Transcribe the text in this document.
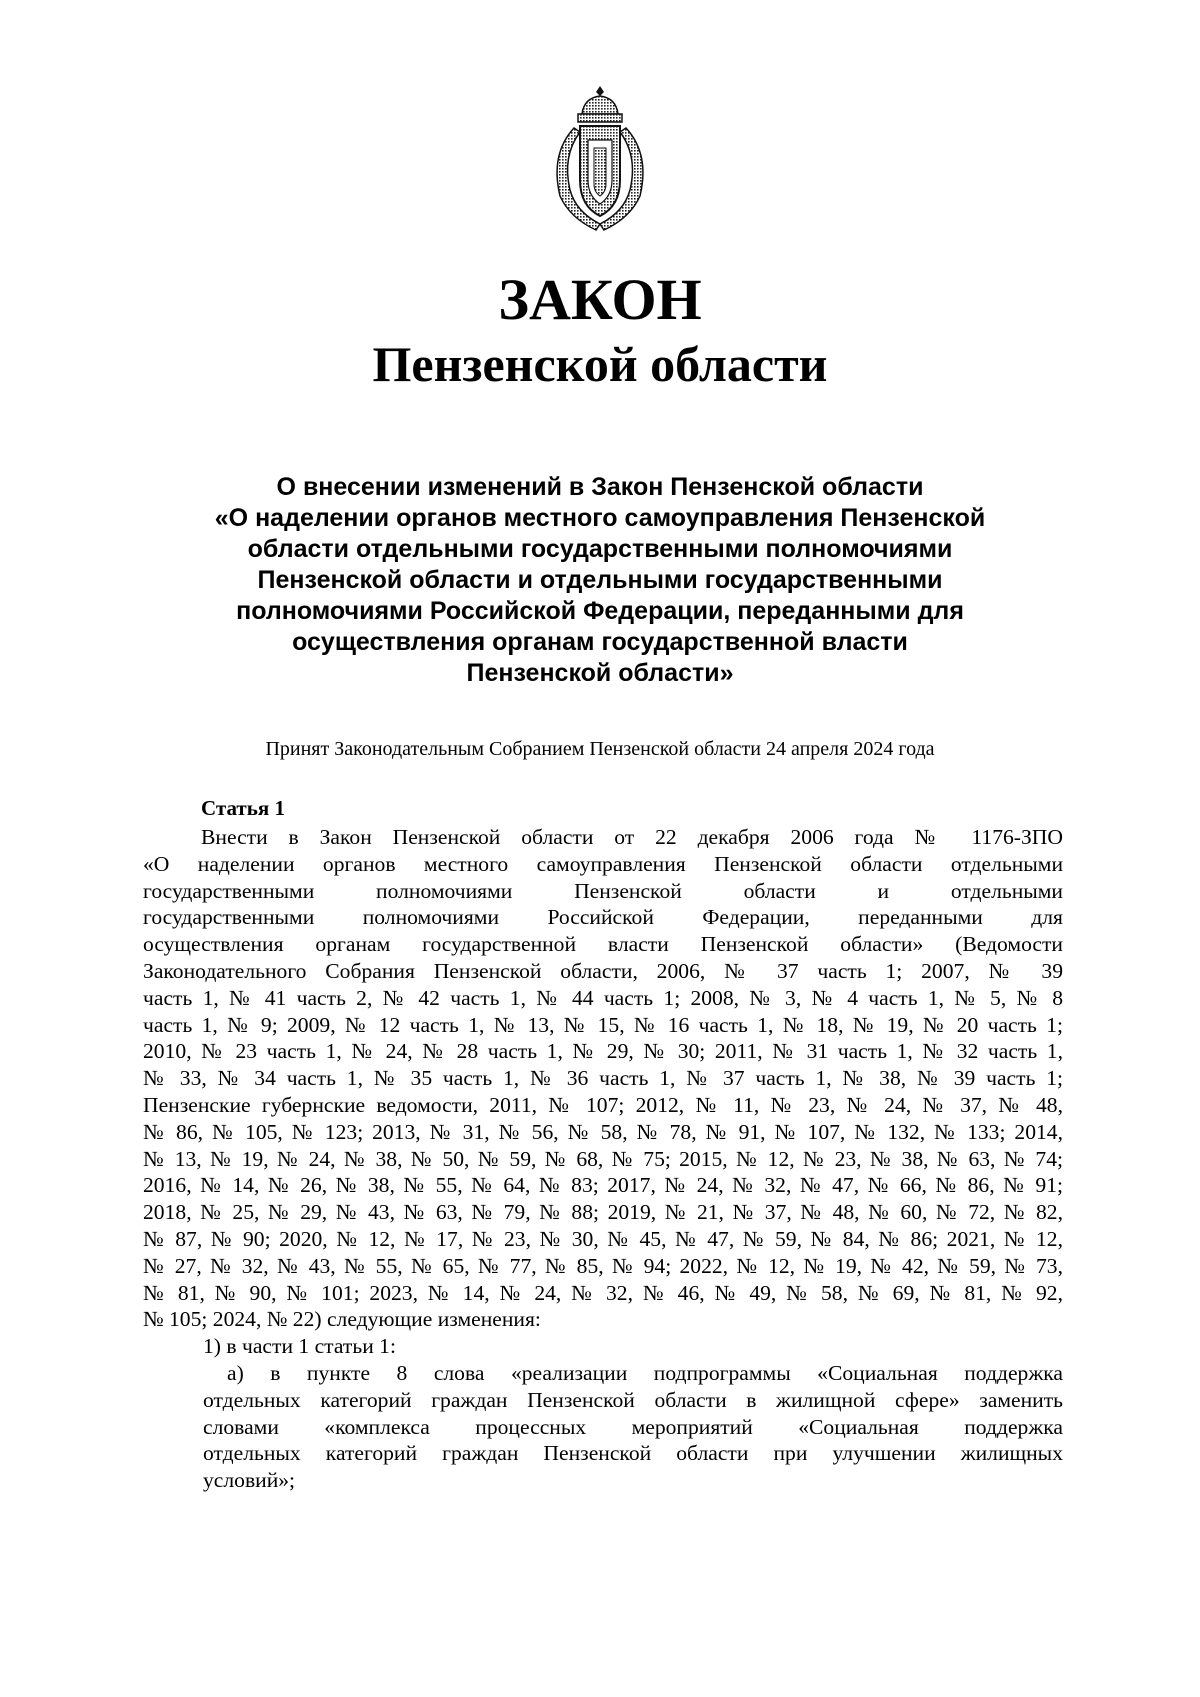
ЗАКОН
Пензенской области
О внесении изменений в Закон Пензенской области
«О наделении органов местного самоуправления Пензенской
области отдельными государственными полномочиями
Пензенской области и отдельными государственными
полномочиями Российской Федерации, переданными для
осуществления органам государственной власти
Пензенской области»

Принят Законодательным Собранием Пензенской области 24 апреля 2024 года

Статья 1

Внести в Закон Пензенской области от 22 декабря 2006 года № 1176-ЗПО
«О наделении органов местного самоуправления Пензенской области отдельными
государственными полномочиями Пензенской области и отдельными
государственными полномочиями Российской Федерации, переданными для
осуществления органам государственной власти Пензенской области» (Ведомости
Законодательного Собрания Пензенской области, 2006, № 37 часть 1; 2007, № 39
часть 1, № 41 часть 2, № 42 часть 1, № 44 часть 1; 2008, № 3, № 4 часть 1, № 5, № 8
часть 1, № 9; 2009, № 12 часть 1, № 13, № 15, № 16 часть 1, № 18, № 19, № 20 часть 1;
2010, № 23 часть 1, № 24, № 28 часть 1, № 29, № 30; 2011, № 31 часть 1, № 32 часть 1,
№ 33, № 34 часть 1, № 35 часть 1, № 36 часть 1, № 37 часть 1, № 38, № 39 часть 1;
Пензенские губернские ведомости, 2011, № 107; 2012, № 11, № 23, № 24, № 37, № 48,
№ 86, № 105, № 123; 2013, № 31, № 56, № 58, № 78, № 91, № 107, № 132, № 133; 2014,
№ 13, № 19, № 24, № 38, № 50, № 59, № 68, № 75; 2015, № 12, № 23, № 38, № 63, № 74;
2016, № 14, № 26, № 38, № 55, № 64, № 83; 2017, № 24, № 32, № 47, № 66, № 86, № 91;
2018, № 25, № 29, № 43, № 63, № 79, № 88; 2019, № 21, № 37, № 48, № 60, № 72, № 82,
№ 87, № 90; 2020, № 12, № 17, № 23, № 30, № 45, № 47, № 59, № 84, № 86; 2021, № 12,
№ 27, № 32, № 43, № 55, № 65, № 77, № 85, № 94; 2022, № 12, № 19, № 42, № 59, № 73,
№ 81, № 90, № 101; 2023, № 14, № 24, № 32, № 46, № 49, № 58, № 69, № 81, № 92,
№ 105; 2024, № 22) следующие изменения:
1) в части 1 статьи 1:
а) в пункте 8 слова «реализации подпрограммы «Социальная поддержка
отдельных категорий граждан Пензенской области в жилищной сфере» заменить
словами «комплекса процессных мероприятий «Социальная поддержка
отдельных категорий граждан Пензенской области при улучшении жилищных
условий»;
